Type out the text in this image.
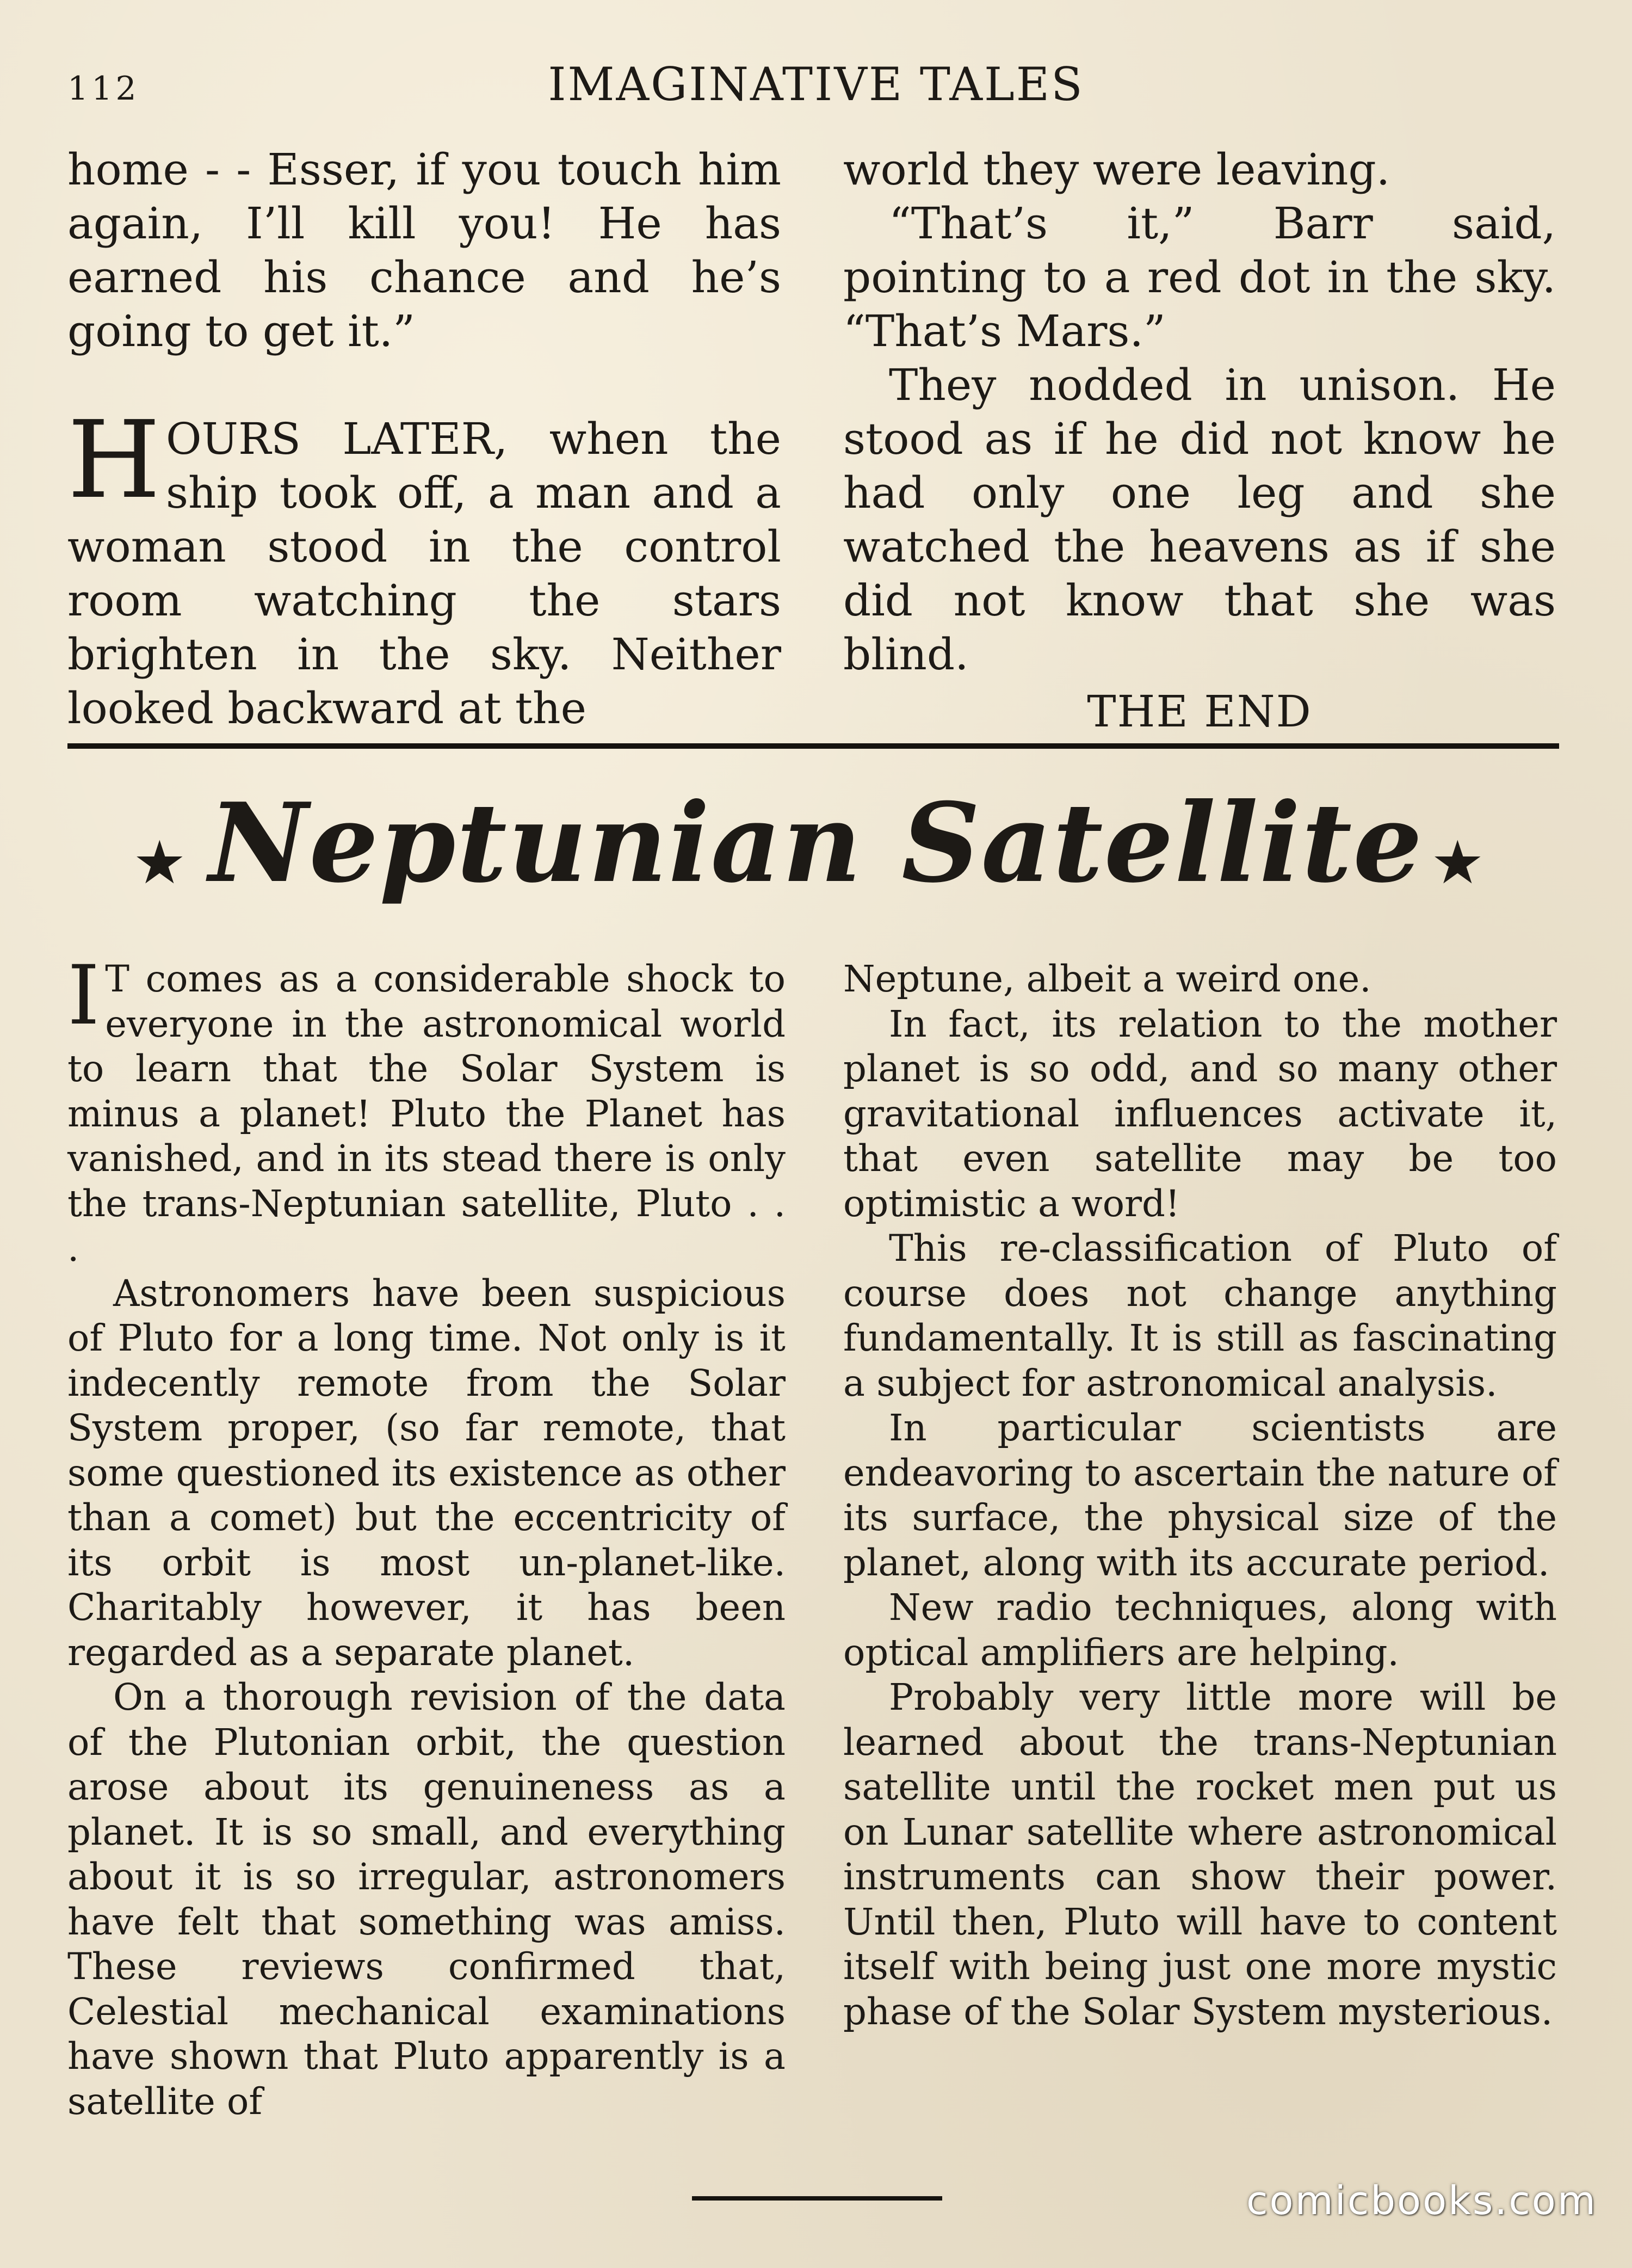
112	IMAGINATIVE TALES

home - - Esser, if you touch him again, I’ll kill you! He has earned his chance and he’s going to get it.”

HOURS LATER, when the ship took off, a man and a woman stood in the control room watching the stars brighten in the sky. Neither looked backward at the

world they were leaving.

“That’s it,” Barr said, pointing to a red dot in the sky. “That’s Mars.”

They nodded in unison. He stood as if he did not know he had only one leg and she watched the heavens as if she did not know that she was blind.

THE END
★ Neptunian Satellite ★

I T comes as a considerable shock to everyone in the astronomical world to learn that the Solar System is minus a planet! Pluto the Planet has vanished, and in its stead there is only the trans-Neptunian satellite, Pluto . . .

Astronomers have been suspicious of Pluto for a long time. Not only is it indecently remote from the Solar System proper, (so far remote, that some questioned its existence as other than a comet) but the eccentricity of its orbit is most un-planet-like. Charitably however, it has been regarded as a separate planet.

On a thorough revision of the data of the Plutonian orbit, the question arose about its genuineness as a planet. It is so small, and everything about it is so irregular, astronomers have felt that something was amiss. These reviews confirmed that, Celestial mechanical examinations have shown that Pluto apparently is a satellite of

Neptune, albeit a weird one.

In fact, its relation to the mother planet is so odd, and so many other gravitational influences activate it, that even satellite may be too optimistic a word!

This re-classification of Pluto of course does not change anything fundamentally. It is still as fascinating a subject for astronomical analysis.

In particular scientists are endeavoring to ascertain the nature of its surface, the physical size of the planet, along with its accurate period.

New radio techniques, along with optical amplifiers are helping.

Probably very little more will be learned about the trans-Neptunian satellite until the rocket men put us on Lunar satellite where astronomical instruments can show their power. Until then, Pluto will have to content itself with being just one more mystic phase of the Solar System mysterious.

comicbooks.com
